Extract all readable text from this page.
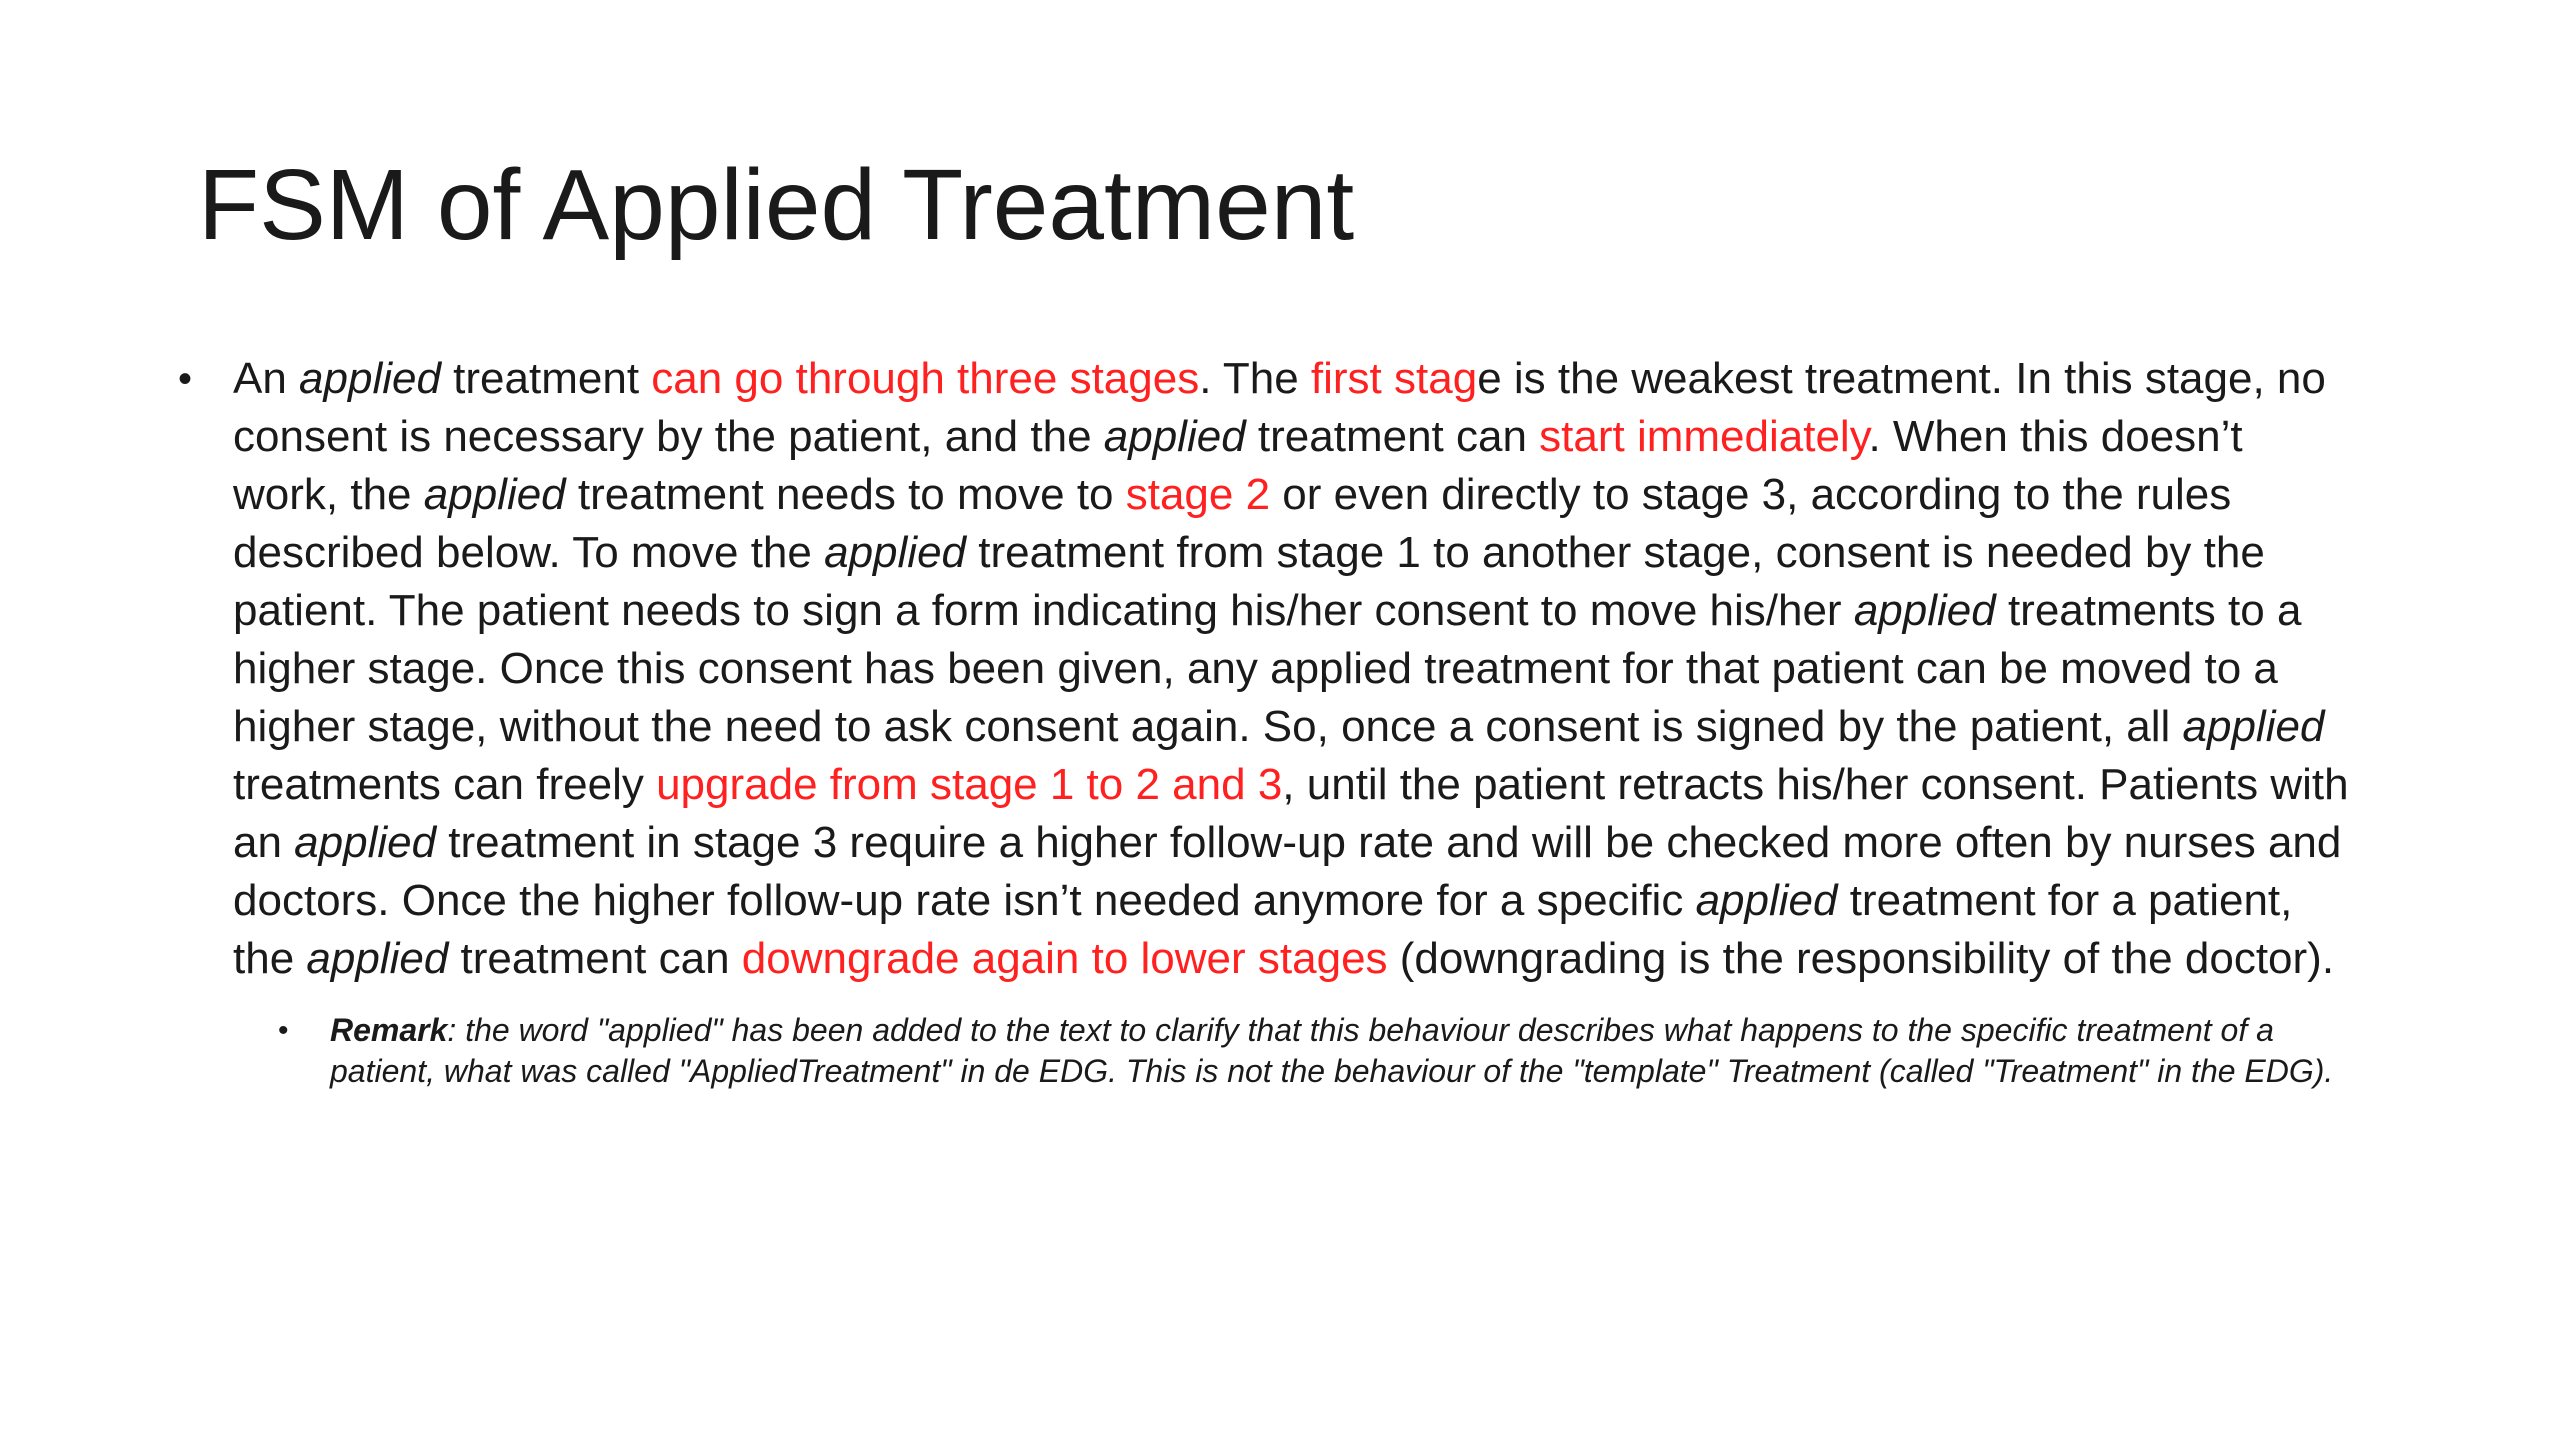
FSM of Applied Treatment
• An applied treatment can go through three stages. The first stage is the weakest treatment. In this stage, no consent is necessary by the patient, and the applied treatment can start immediately. When this doesn’t work, the applied treatment needs to move to stage 2 or even directly to stage 3, according to the rules described below. To move the applied treatment from stage 1 to another stage, consent is needed by the patient. The patient needs to sign a form indicating his/her consent to move his/her applied treatments to a higher stage. Once this consent has been given, any applied treatment for that patient can be moved to a higher stage, without the need to ask consent again. So, once a consent is signed by the patient, all applied treatments can freely upgrade from stage 1 to 2 and 3, until the patient retracts his/her consent. Patients with an applied treatment in stage 3 require a higher follow-up rate and will be checked more often by nurses and doctors. Once the higher follow-up rate isn’t needed anymore for a specific applied treatment for a patient, the applied treatment can downgrade again to lower stages (downgrading is the responsibility of the doctor).
•	Remark: the word "applied" has been added to the text to clarify that this behaviour describes what happens to the specific treatment of a patient, what was called "AppliedTreatment" in de EDG. This is not the behaviour of the "template" Treatment (called "Treatment" in the EDG).
